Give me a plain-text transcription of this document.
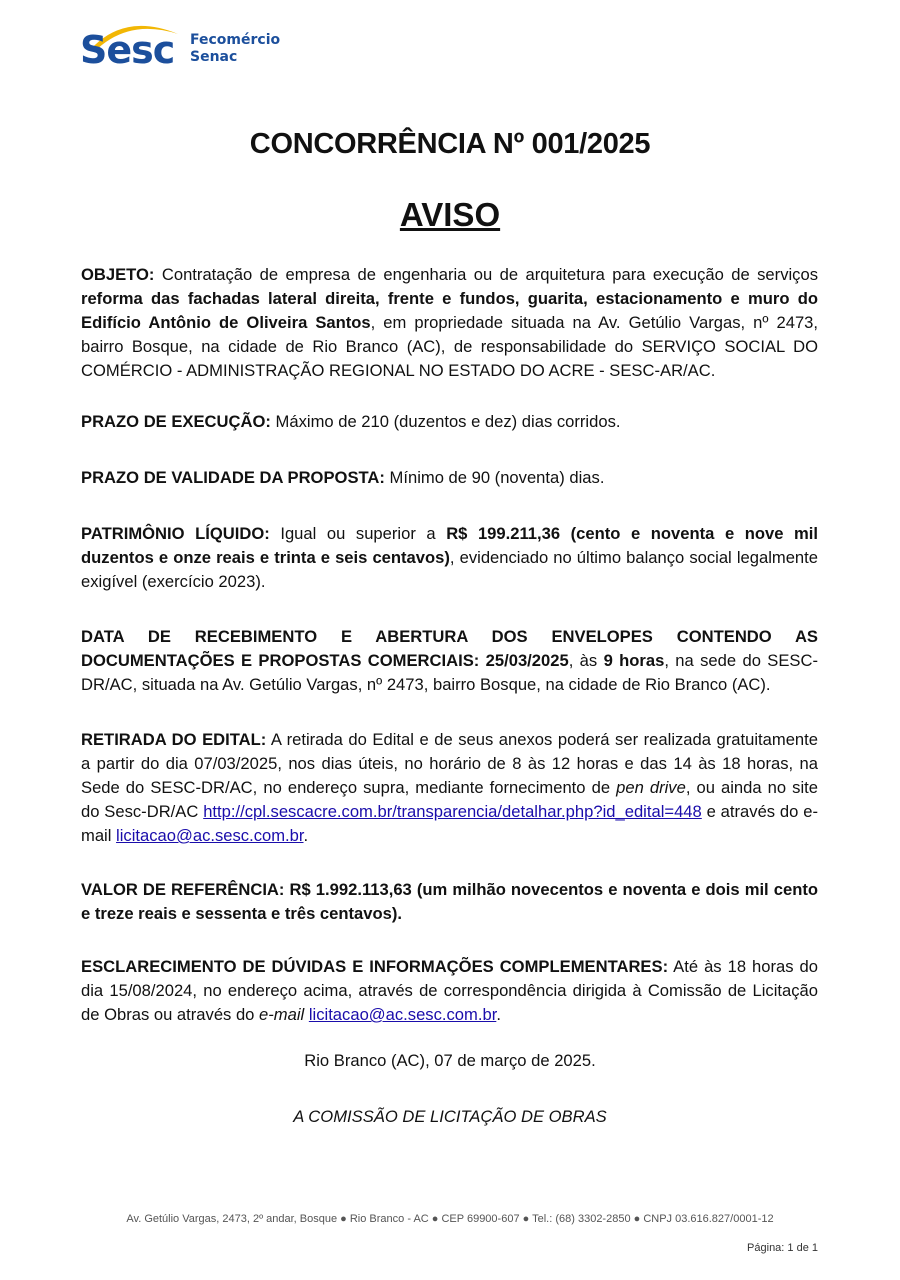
Sesc Fecomércio
Senac
CONCORRÊNCIA Nº 001/2025
AVISO
OBJETO: Contratação de empresa de engenharia ou de arquitetura para execução de serviços reforma das fachadas lateral direita, frente e fundos, guarita, estacionamento e muro do Edifício Antônio de Oliveira Santos, em propriedade situada na Av. Getúlio Vargas, nº 2473, bairro Bosque, na cidade de Rio Branco (AC), de responsabilidade do SERVIÇO SOCIAL DO COMÉRCIO - ADMINISTRAÇÃO REGIONAL NO ESTADO DO ACRE - SESC-AR/AC.
PRAZO DE EXECUÇÃO: Máximo de 210 (duzentos e dez) dias corridos.
PRAZO DE VALIDADE DA PROPOSTA: Mínimo de 90 (noventa) dias.
PATRIMÔNIO LÍQUIDO: Igual ou superior a R$ 199.211,36 (cento e noventa e nove mil duzentos e onze reais e trinta e seis centavos), evidenciado no último balanço social legalmente exigível (exercício 2023).
DATA DE RECEBIMENTO E ABERTURA DOS ENVELOPES CONTENDO AS DOCUMENTAÇÕES E PROPOSTAS COMERCIAIS: 25/03/2025, às 9 horas, na sede do SESC-DR/AC, situada na Av. Getúlio Vargas, nº 2473, bairro Bosque, na cidade de Rio Branco (AC).
RETIRADA DO EDITAL: A retirada do Edital e de seus anexos poderá ser realizada gratuitamente a partir do dia 07/03/2025, nos dias úteis, no horário de 8 às 12 horas e das 14 às 18 horas, na Sede do SESC-DR/AC, no endereço supra, mediante fornecimento de pen drive, ou ainda no site do Sesc-DR/AC http://cpl.sescacre.com.br/transparencia/detalhar.php?id_edital=448 e através do e-mail licitacao@ac.sesc.com.br.
VALOR DE REFERÊNCIA: R$ 1.992.113,63 (um milhão novecentos e noventa e dois mil cento e treze reais e sessenta e três centavos).
ESCLARECIMENTO DE DÚVIDAS E INFORMAÇÕES COMPLEMENTARES: Até às 18 horas do dia 15/08/2024, no endereço acima, através de correspondência dirigida à Comissão de Licitação de Obras ou através do e-mail licitacao@ac.sesc.com.br.
Rio Branco (AC), 07 de março de 2025.
A COMISSÃO DE LICITAÇÃO DE OBRAS
Av. Getúlio Vargas, 2473, 2º andar, Bosque ● Rio Branco - AC ● CEP 69900-607 ● Tel.: (68) 3302-2850 ● CNPJ 03.616.827/0001-12
Página: 1 de 1
